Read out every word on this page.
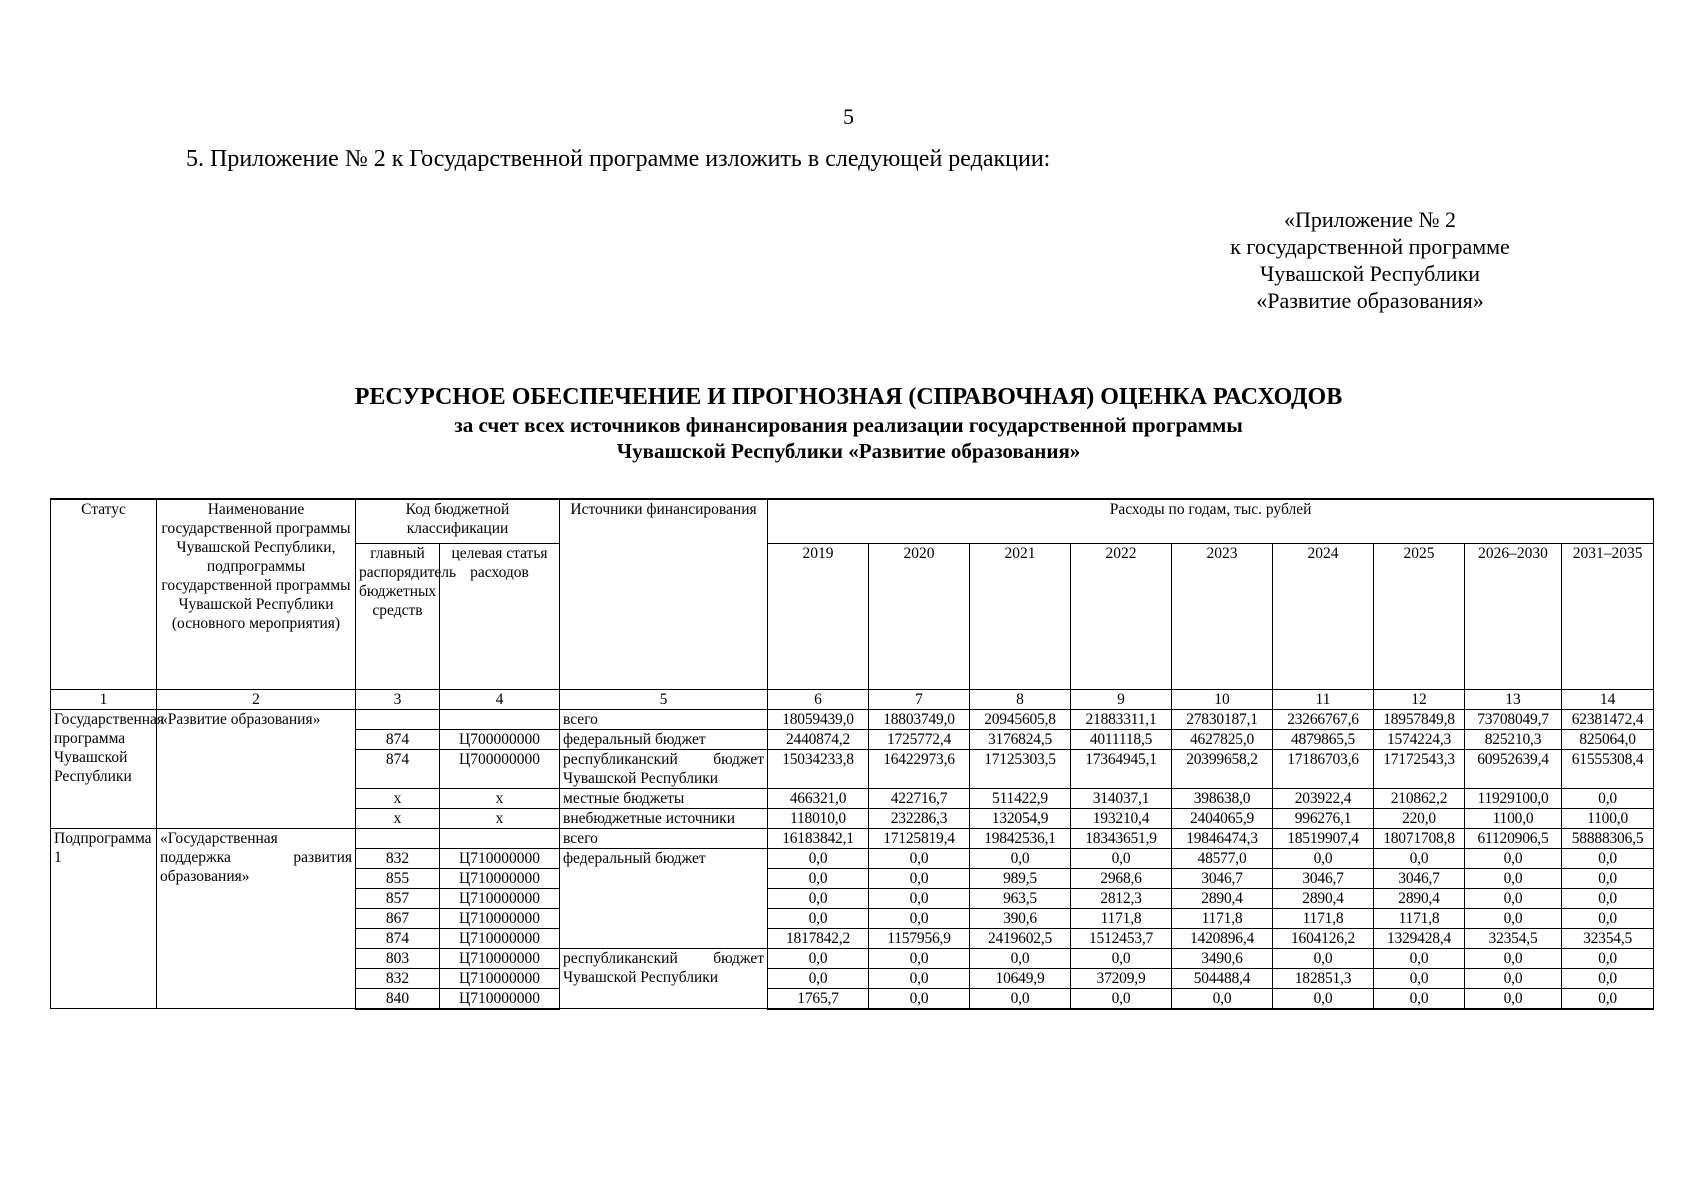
5
5. Приложение № 2 к Государственной программе изложить в следующей редакции:
«Приложение № 2
к государственной программе
Чувашской Республики
«Развитие образования»
РЕСУРСНОЕ ОБЕСПЕЧЕНИЕ И ПРОГНОЗНАЯ (СПРАВОЧНАЯ) ОЦЕНКА РАСХОДОВ
за счет всех источников финансирования реализации государственной программы
Чувашской Республики «Развитие образования»
Статус	Наименование государственной программы Чувашской Республики, подпрограммы государственной программы Чувашской Республики (основного мероприятия)	Код бюджетной классификации		Источники финансирования	Расходы по годам, тыс. рублей								
		главный распорядитель бюджетных средств	целевая статья расходов		2019	2020	2021	2022	2023	2024	2025	2026–2030	2031–2035
1	2	3	4	5	6	7	8	9	10	11	12	13	14
Государственная программа Чувашской Республики	«Развитие образования»			всего	18059439,0	18803749,0	20945605,8	21883311,1	27830187,1	23266767,6	18957849,8	73708049,7	62381472,4
		874	Ц700000000	федеральный бюджет	2440874,2	1725772,4	3176824,5	4011118,5	4627825,0	4879865,5	1574224,3	825210,3	825064,0
		874	Ц700000000	республиканский бюджет Чувашской Республики	15034233,8	16422973,6	17125303,5	17364945,1	20399658,2	17186703,6	17172543,3	60952639,4	61555308,4
		х	х	местные бюджеты	466321,0	422716,7	511422,9	314037,1	398638,0	203922,4	210862,2	11929100,0	0,0
		х	х	внебюджетные источники	118010,0	232286,3	132054,9	193210,4	2404065,9	996276,1	220,0	1100,0	1100,0
Подпрограмма 1	«Государственная поддержка развития образования»			всего	16183842,1	17125819,4	19842536,1	18343651,9	19846474,3	18519907,4	18071708,8	61120906,5	58888306,5
		832	Ц710000000	федеральный бюджет	0,0	0,0	0,0	0,0	48577,0	0,0	0,0	0,0	0,0
		855	Ц710000000		0,0	0,0	989,5	2968,6	3046,7	3046,7	3046,7	0,0	0,0
		857	Ц710000000		0,0	0,0	963,5	2812,3	2890,4	2890,4	2890,4	0,0	0,0
		867	Ц710000000		0,0	0,0	390,6	1171,8	1171,8	1171,8	1171,8	0,0	0,0
		874	Ц710000000		1817842,2	1157956,9	2419602,5	1512453,7	1420896,4	1604126,2	1329428,4	32354,5	32354,5
		803	Ц710000000	республиканский бюджет Чувашской Республики	0,0	0,0	0,0	0,0	3490,6	0,0	0,0	0,0	0,0
		832	Ц710000000		0,0	0,0	10649,9	37209,9	504488,4	182851,3	0,0	0,0	0,0
		840	Ц710000000		1765,7	0,0	0,0	0,0	0,0	0,0	0,0	0,0	0,0
